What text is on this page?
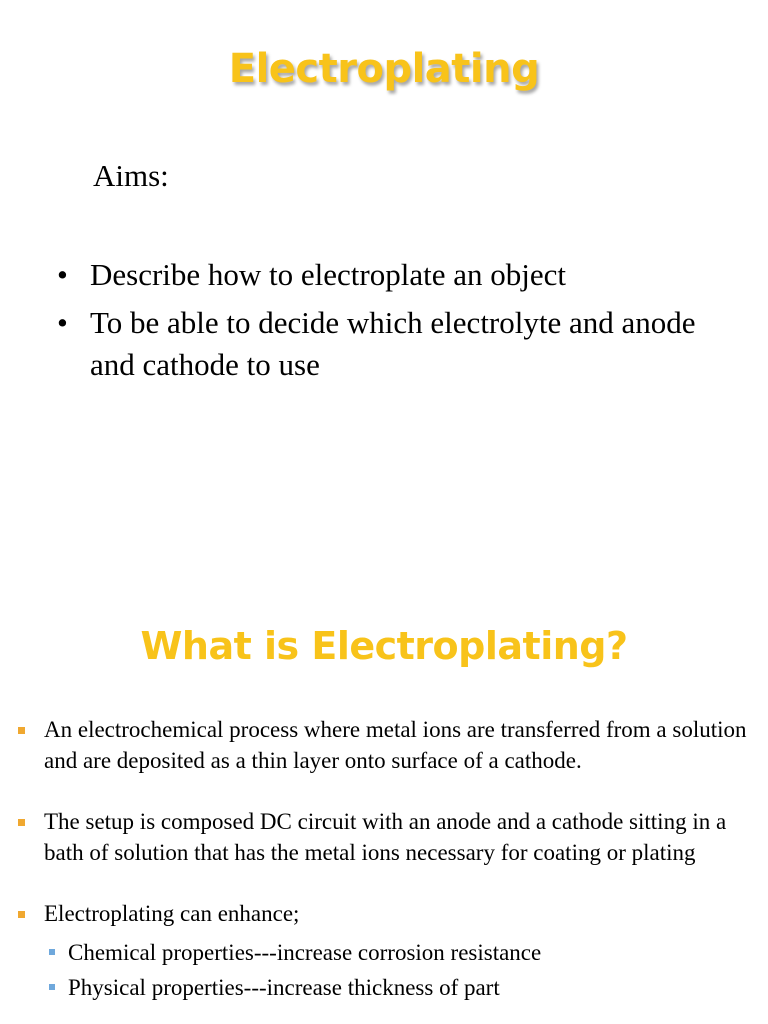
Electroplating
Aims:
• Describe how to electroplate an object
• To be able to decide which electrolyte and anode and cathode to use
What is Electroplating?
An electrochemical process where metal ions are transferred from a solution and are deposited as a thin layer onto surface of a cathode.
The setup is composed DC circuit with an anode and a cathode sitting in a bath of solution that has the metal ions necessary for coating or plating
Electroplating can enhance;
Chemical properties---increase corrosion resistance
Physical properties---increase thickness of part
